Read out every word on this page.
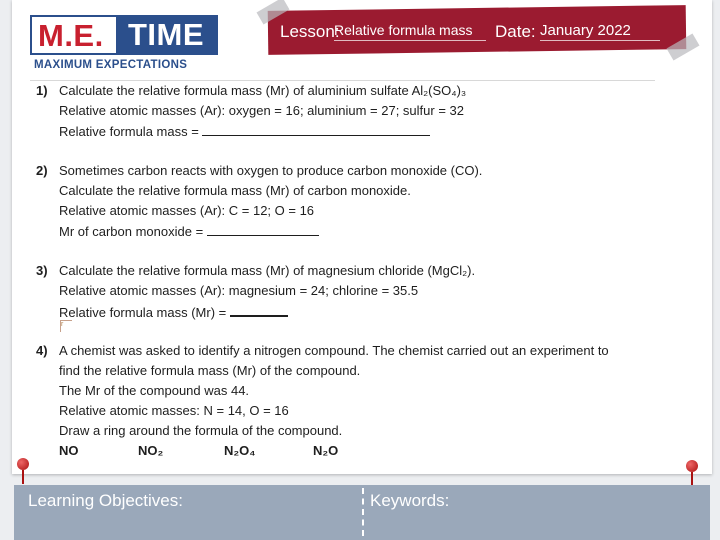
M.E. TIME
MAXIMUM EXPECTATIONS
Lesson:
Relative formula mass Date: January 2022
1) Calculate the relative formula mass (Mr) of aluminium sulfate Al₂(SO₄)₃
Relative atomic masses (Ar): oxygen = 16; aluminium = 27; sulfur = 32
Relative formula mass =
2) Sometimes carbon reacts with oxygen to produce carbon monoxide (CO).
Calculate the relative formula mass (Mr) of carbon monoxide.
Relative atomic masses (Ar): C = 12; O = 16
Mr of carbon monoxide =
3) Calculate the relative formula mass (Mr) of magnesium chloride (MgCl₂).
Relative atomic masses (Ar): magnesium = 24; chlorine = 35.5
Relative formula mass (Mr) =
r
4) A chemist was asked to identify a nitrogen compound. The chemist carried out an experiment to
find the relative formula mass (Mr) of the compound.
The Mr of the compound was 44.
Relative atomic masses: N = 14, O = 16
Draw a ring around the formula of the compound.
NO	NO₂	N₂O₄	N₂O
Learning Objectives:	Keywords:
